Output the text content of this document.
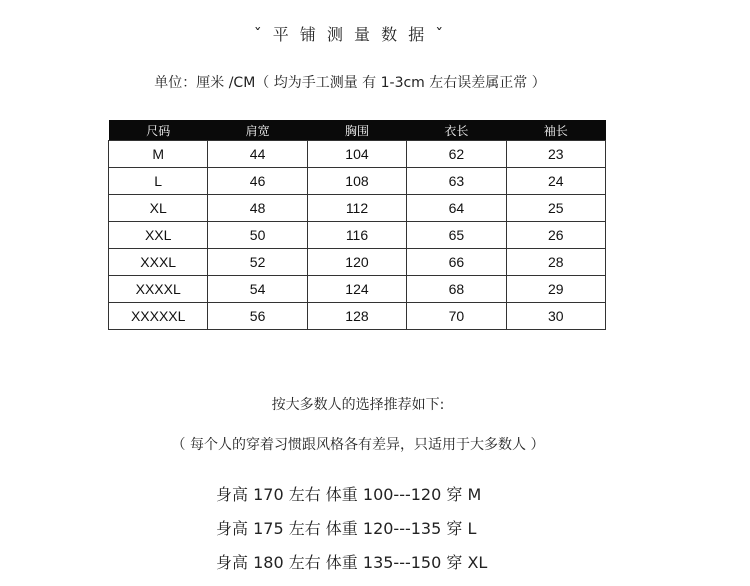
ˇ 平 铺 测 量 数 据 ˇ
单位：厘米 /CM（ 均为手工测量 有 1-3cm 左右误差属正常 ）
尺码	肩宽	胸围	衣长	袖长
M	44	104	62	23
L	46	108	63	24
XL	48	112	64	25
XXL	50	116	65	26
XXXL	52	120	66	28
XXXXL	54	124	68	29
XXXXXL	56	128	70	30
按大多数人的选择推荐如下:
（ 每个人的穿着习惯跟风格各有差异，只适用于大多数人 ）
身高 170 左右 体重 100---120 穿 M
身高 175 左右 体重 120---135 穿 L
身高 180 左右 体重 135---150 穿 XL
